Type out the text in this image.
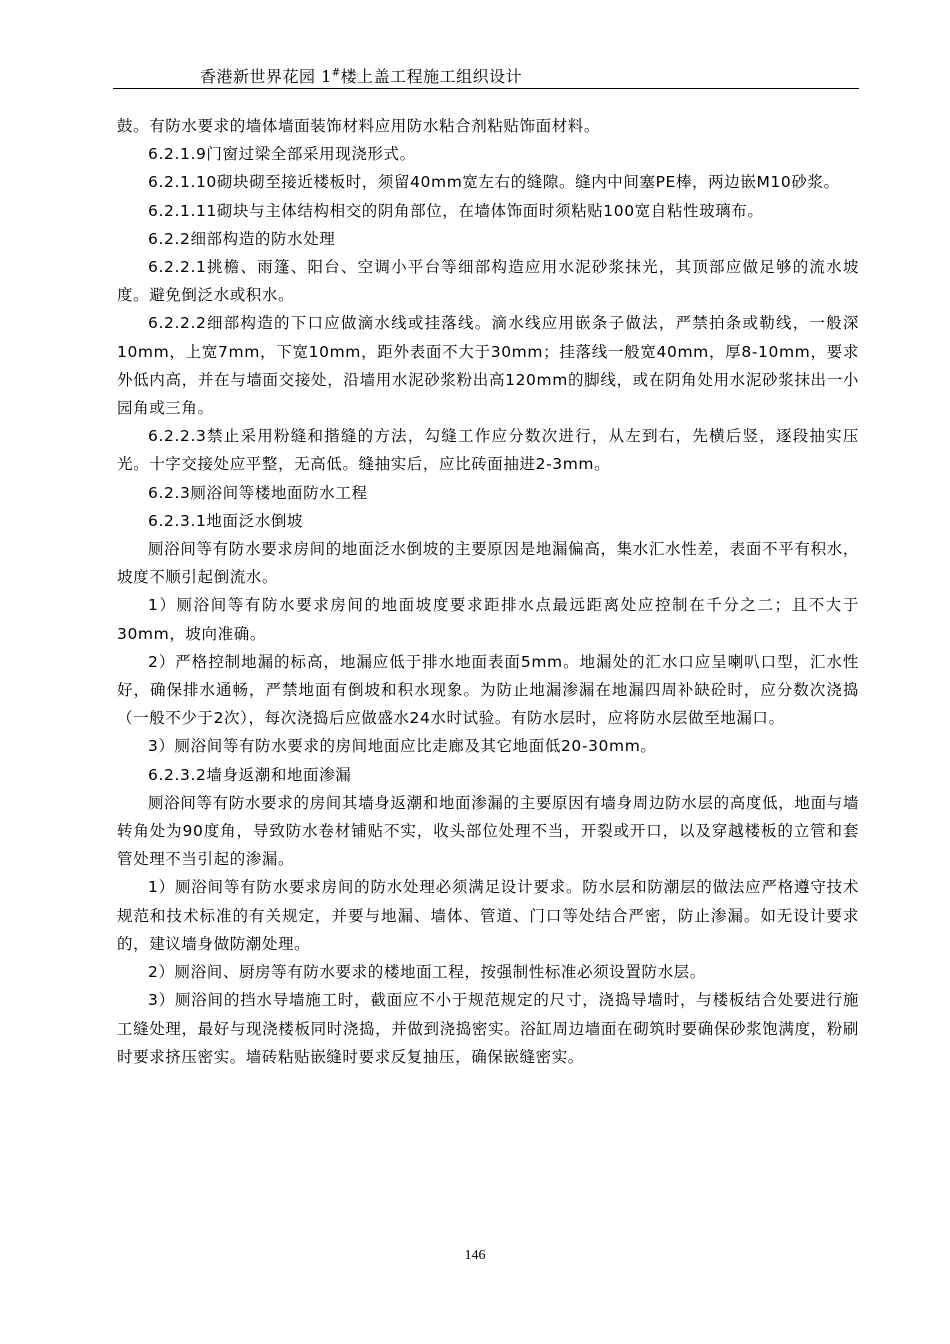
香港新世界花园 1#楼上盖工程施工组织设计

鼓。有防水要求的墙体墙面装饰材料应用防水粘合剂粘贴饰面材料。

6.2.1.9门窗过梁全部采用现浇形式。

6.2.1.10砌块砌至接近楼板时，须留40mm宽左右的缝隙。缝内中间塞PE棒，两边嵌M10砂浆。

6.2.1.11砌块与主体结构相交的阴角部位，在墙体饰面时须粘贴100宽自粘性玻璃布。

6.2.2细部构造的防水处理

6.2.2.1挑檐、雨篷、阳台、空调小平台等细部构造应用水泥砂浆抹光，其顶部应做足够的流水坡度。避免倒泛水或积水。

6.2.2.2细部构造的下口应做滴水线或挂落线。滴水线应用嵌条子做法，严禁拍条或勒线，一般深10mm，上宽7mm，下宽10mm，距外表面不大于30mm；挂落线一般宽40mm，厚8-10mm，要求外低内高，并在与墙面交接处，沿墙用水泥砂浆粉出高120mm的脚线，或在阴角处用水泥砂浆抹出一小园角或三角。

6.2.2.3禁止采用粉缝和揩缝的方法，勾缝工作应分数次进行，从左到右，先横后竖，逐段抽实压光。十字交接处应平整，无高低。缝抽实后，应比砖面抽进2-3mm。

6.2.3厕浴间等楼地面防水工程

6.2.3.1地面泛水倒坡

厕浴间等有防水要求房间的地面泛水倒坡的主要原因是地漏偏高，集水汇水性差，表面不平有积水，坡度不顺引起倒流水。

1）厕浴间等有防水要求房间的地面坡度要求距排水点最远距离处应控制在千分之二；且不大于30mm，坡向准确。

2）严格控制地漏的标高，地漏应低于排水地面表面5mm。地漏处的汇水口应呈喇叭口型，汇水性好，确保排水通畅，严禁地面有倒坡和积水现象。为防止地漏渗漏在地漏四周补缺砼时，应分数次浇捣（一般不少于2次），每次浇捣后应做盛水24水时试验。有防水层时，应将防水层做至地漏口。

3）厕浴间等有防水要求的房间地面应比走廊及其它地面低20-30mm。

6.2.3.2墙身返潮和地面渗漏

厕浴间等有防水要求的房间其墙身返潮和地面渗漏的主要原因有墙身周边防水层的高度低，地面与墙转角处为90度角，导致防水卷材铺贴不实，收头部位处理不当，开裂或开口，以及穿越楼板的立管和套管处理不当引起的渗漏。

1）厕浴间等有防水要求房间的防水处理必须满足设计要求。防水层和防潮层的做法应严格遵守技术规范和技术标准的有关规定，并要与地漏、墙体、管道、门口等处结合严密，防止渗漏。如无设计要求的，建议墙身做防潮处理。

2）厕浴间、厨房等有防水要求的楼地面工程，按强制性标准必须设置防水层。

3）厕浴间的挡水导墙施工时，截面应不小于规范规定的尺寸，浇捣导墙时，与楼板结合处要进行施工缝处理，最好与现浇楼板同时浇捣，并做到浇捣密实。浴缸周边墙面在砌筑时要确保砂浆饱满度，粉刷时要求挤压密实。墙砖粘贴嵌缝时要求反复抽压，确保嵌缝密实。

146
